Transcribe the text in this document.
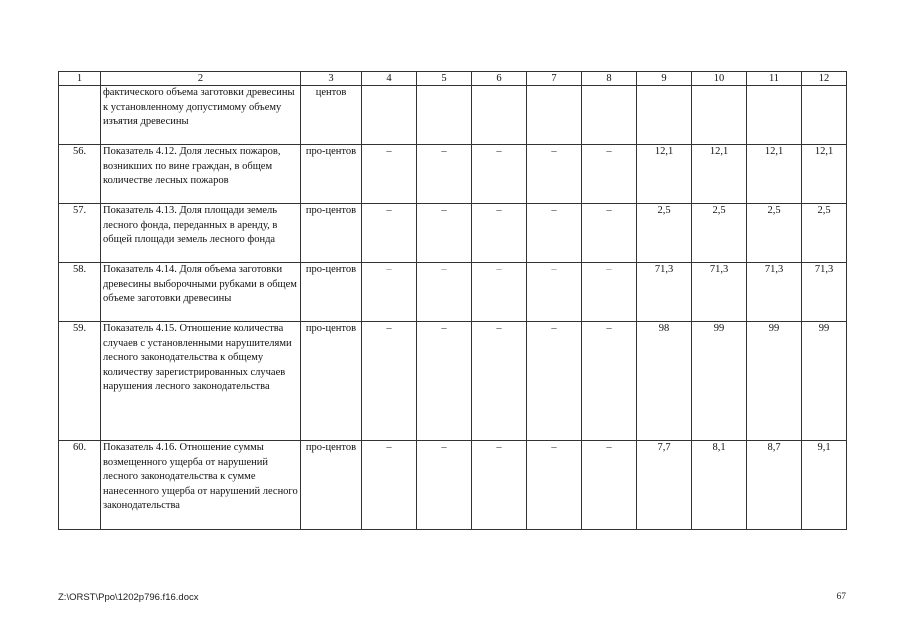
1	2	3	4	5	6	7	8	9	10	11	12
	фактического объема заготовки древесины к установленному допустимому объему изъятия древесины	центов									
56.	Показатель 4.12. Доля лесных пожаров, возникших по вине граждан, в общем количестве лесных пожаров	про-центов	–	–	–	–	–	12,1	12,1	12,1	12,1
57.	Показатель 4.13. Доля площади земель лесного фонда, переданных в аренду, в общей площади земель лесного фонда	про-центов	–	–	–	–	–	2,5	2,5	2,5	2,5
58.	Показатель 4.14. Доля объема заготовки древесины выборочными рубками в общем объеме заготовки древесины	про-центов	–	–	–	–	–	71,3	71,3	71,3	71,3
59.	Показатель 4.15. Отношение количества случаев с установленными нарушителями лесного законодательства к общему количеству зарегистрированных случаев нарушения лесного законодательства	про-центов	–	–	–	–	–	98	99	99	99
60.	Показатель 4.16. Отношение суммы возмещенного ущерба от нарушений лесного законодательства к сумме нанесенного ущерба от нарушений лесного законодательства	про-центов	–	–	–	–	–	7,7	8,1	8,7	9,1
Z:\ORST\Ppo\1202p796.f16.docx	67
